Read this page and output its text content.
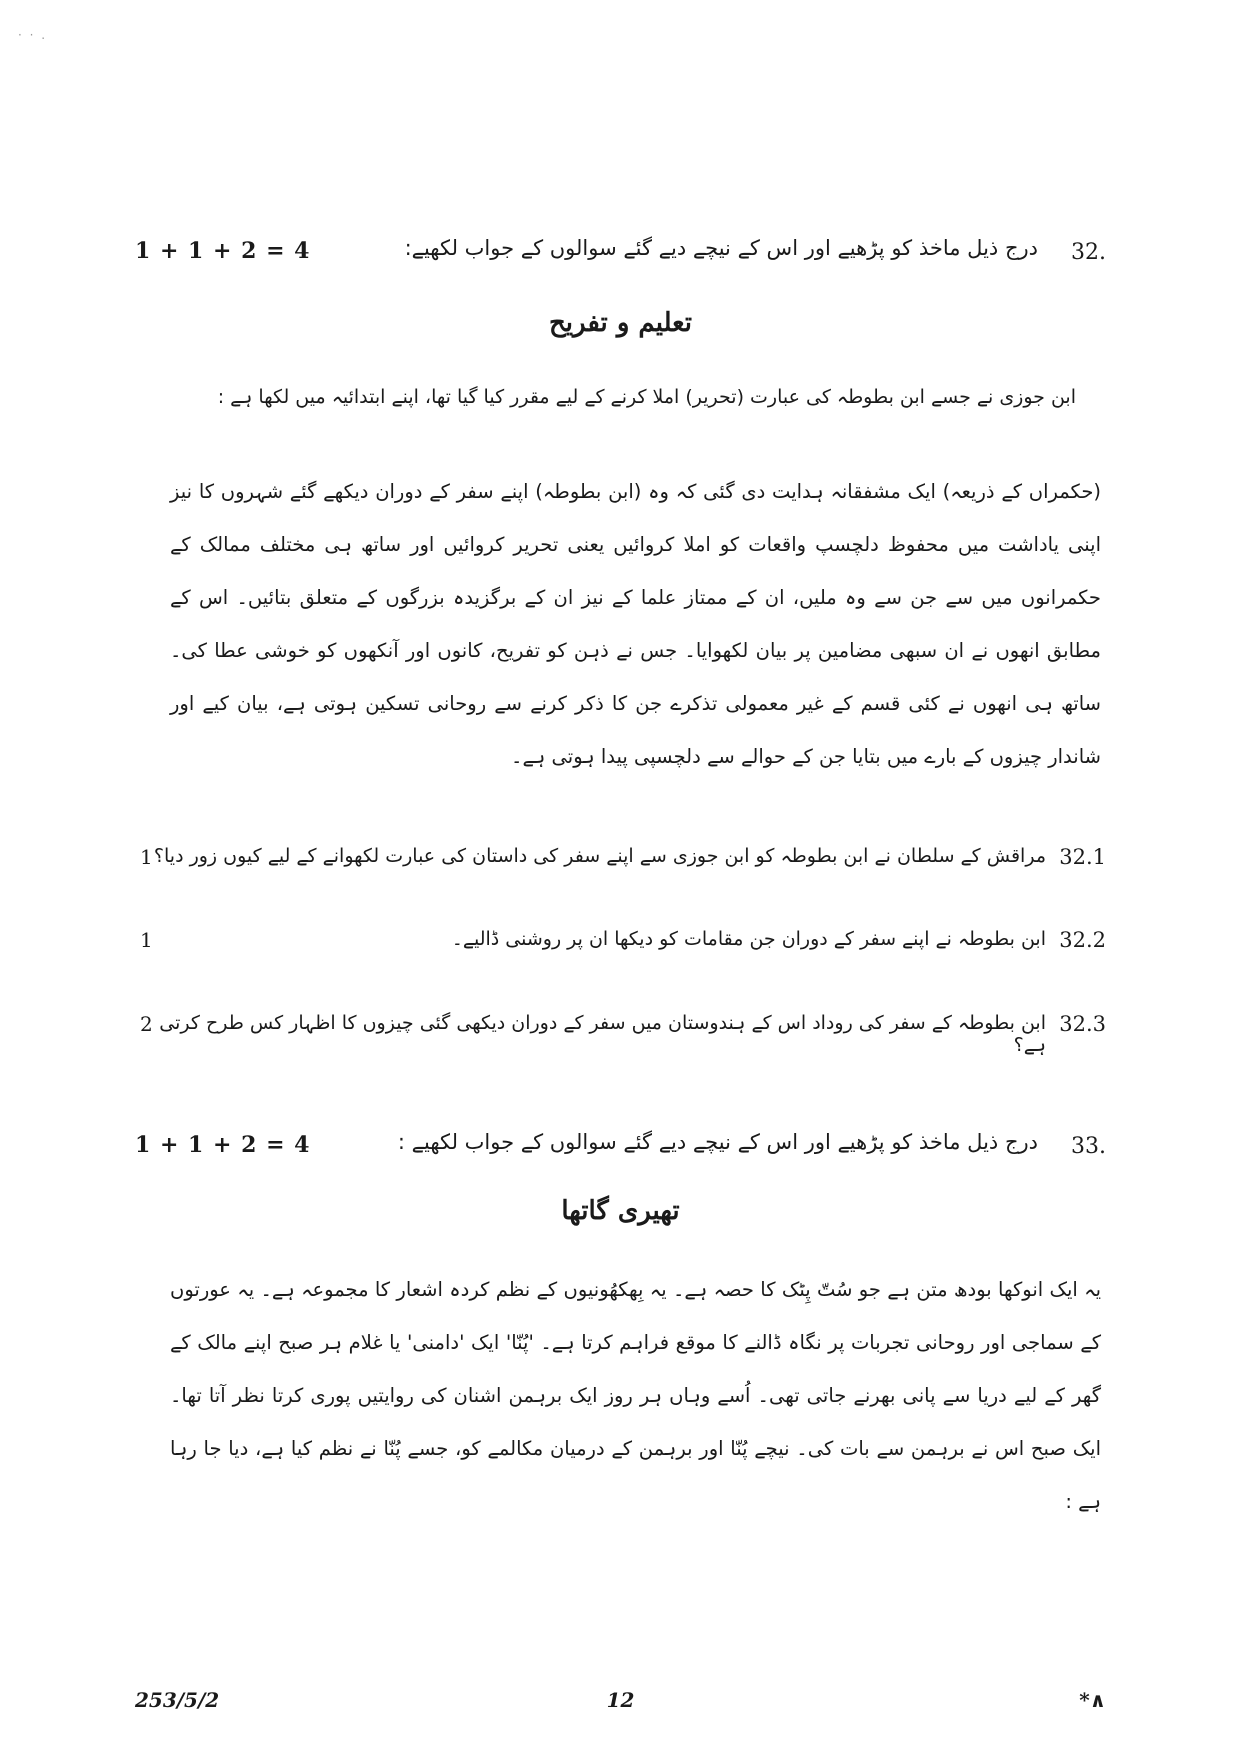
· · .
32.
درج ذیل ماخذ کو پڑھیے اور اس کے نیچے دیے گئے سوالوں کے جواب لکھیے:
1 + 1 + 2 = 4
تعلیم و تفریح
ابن جوزی نے جسے ابن بطوطہ کی عبارت (تحریر) املا کرنے کے لیے مقرر کیا گیا تھا، اپنے ابتدائیہ میں لکھا ہے :
(حکمراں کے ذریعہ) ایک مشفقانہ ہدایت دی گئی کہ وہ (ابن بطوطہ) اپنے سفر کے دوران دیکھے گئے شہروں کا نیز اپنی یاداشت میں محفوظ دلچسپ واقعات کو املا کروائیں یعنی تحریر کروائیں اور ساتھ ہی مختلف ممالک کے حکمرانوں میں سے جن سے وہ ملیں، ان کے ممتاز علما کے نیز ان کے برگزیدہ بزرگوں کے متعلق بتائیں۔ اس کے مطابق انھوں نے ان سبھی مضامین پر بیان لکھوایا۔ جس نے ذہن کو تفریح، کانوں اور آنکھوں کو خوشی عطا کی۔ ساتھ ہی انھوں نے کئی قسم کے غیر معمولی تذکرے جن کا ذکر کرنے سے روحانی تسکین ہوتی ہے، بیان کیے اور شاندار چیزوں کے بارے میں بتایا جن کے حوالے سے دلچسپی پیدا ہوتی ہے۔
32.1
مراقش کے سلطان نے ابن بطوطہ کو ابن جوزی سے اپنے سفر کی داستان کی عبارت لکھوانے کے لیے کیوں زور دیا؟
1
32.2
ابن بطوطہ نے اپنے سفر کے دوران جن مقامات کو دیکھا ان پر روشنی ڈالیے۔
1
32.3
ابن بطوطہ کے سفر کی روداد اس کے ہندوستان میں سفر کے دوران دیکھی گئی چیزوں کا اظہار کس طرح کرتی ہے؟
2
33.
درج ذیل ماخذ کو پڑھیے اور اس کے نیچے دیے گئے سوالوں کے جواب لکھیے :
1 + 1 + 2 = 4
تھیری گاتھا
یہ ایک انوکھا بودھ متن ہے جو سُتّ پِٹک کا حصہ ہے۔ یہ بِھکھُونیوں کے نظم کردہ اشعار کا مجموعہ ہے۔ یہ عورتوں کے سماجی اور روحانی تجربات پر نگاہ ڈالنے کا موقع فراہم کرتا ہے۔ 'پُنّا' ایک 'دامنی' یا غلام ہر صبح اپنے مالک کے گھر کے لیے دریا سے پانی بھرنے جاتی تھی۔ اُسے وہاں ہر روز ایک برہمن اشنان کی روایتیں پوری کرتا نظر آتا تھا۔ ایک صبح اس نے برہمن سے بات کی۔ نیچے پُنّا اور برہمن کے درمیان مکالمے کو، جسے پُنّا نے نظم کیا ہے، دیا جا رہا ہے :
253/5/2	12	*∧
